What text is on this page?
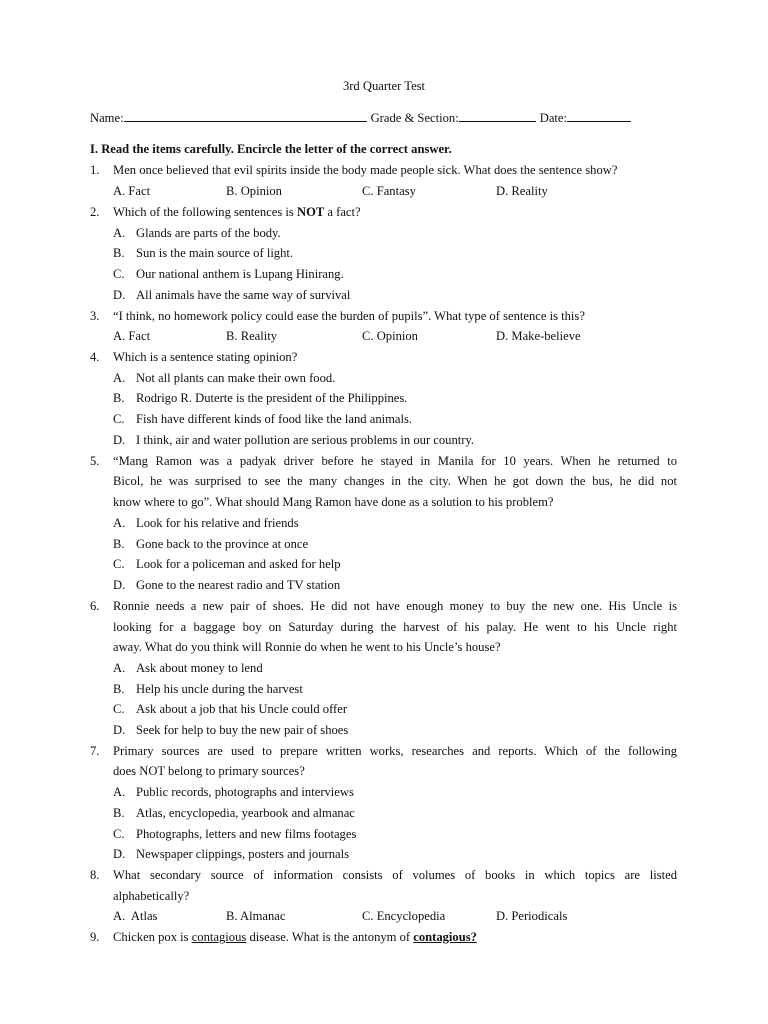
3rd Quarter Test
Name:	Grade & Section:	Date:
I. Read the items carefully. Encircle the letter of the correct answer.
1. Men once believed that evil spirits inside the body made people sick. What does the sentence show?
A. Fact	B. Opinion	C. Fantasy	D. Reality
2. Which of the following sentences is NOT a fact?
A. Glands are parts of the body.
B. Sun is the main source of light.
C. Our national anthem is Lupang Hinirang.
D. All animals have the same way of survival
3. “I think, no homework policy could ease the burden of pupils”. What type of sentence is this?
A. Fact	B. Reality	C. Opinion	D. Make-believe
4. Which is a sentence stating opinion?
A. Not all plants can make their own food.
B. Rodrigo R. Duterte is the president of the Philippines.
C. Fish have different kinds of food like the land animals.
D. I think, air and water pollution are serious problems in our country.
5. “Mang Ramon was a padyak driver before he stayed in Manila for 10 years. When he returned to
Bicol, he was surprised to see the many changes in the city. When he got down the bus, he did not
know where to go”. What should Mang Ramon have done as a solution to his problem?
A. Look for his relative and friends
B. Gone back to the province at once
C. Look for a policeman and asked for help
D. Gone to the nearest radio and TV station
6. Ronnie needs a new pair of shoes. He did not have enough money to buy the new one. His Uncle is
looking for a baggage boy on Saturday during the harvest of his palay. He went to his Uncle right
away. What do you think will Ronnie do when he went to his Uncle’s house?
A. Ask about money to lend
B. Help his uncle during the harvest
C. Ask about a job that his Uncle could offer
D. Seek for help to buy the new pair of shoes
7. Primary sources are used to prepare written works, researches and reports. Which of the following
does NOT belong to primary sources?
A. Public records, photographs and interviews
B. Atlas, encyclopedia, yearbook and almanac
C. Photographs, letters and new films footages
D. Newspaper clippings, posters and journals
8. What secondary source of information consists of volumes of books in which topics are listed
alphabetically?
A.  Atlas	B. Almanac	C. Encyclopedia	D. Periodicals
9. Chicken pox is contagious disease. What is the antonym of contagious?
